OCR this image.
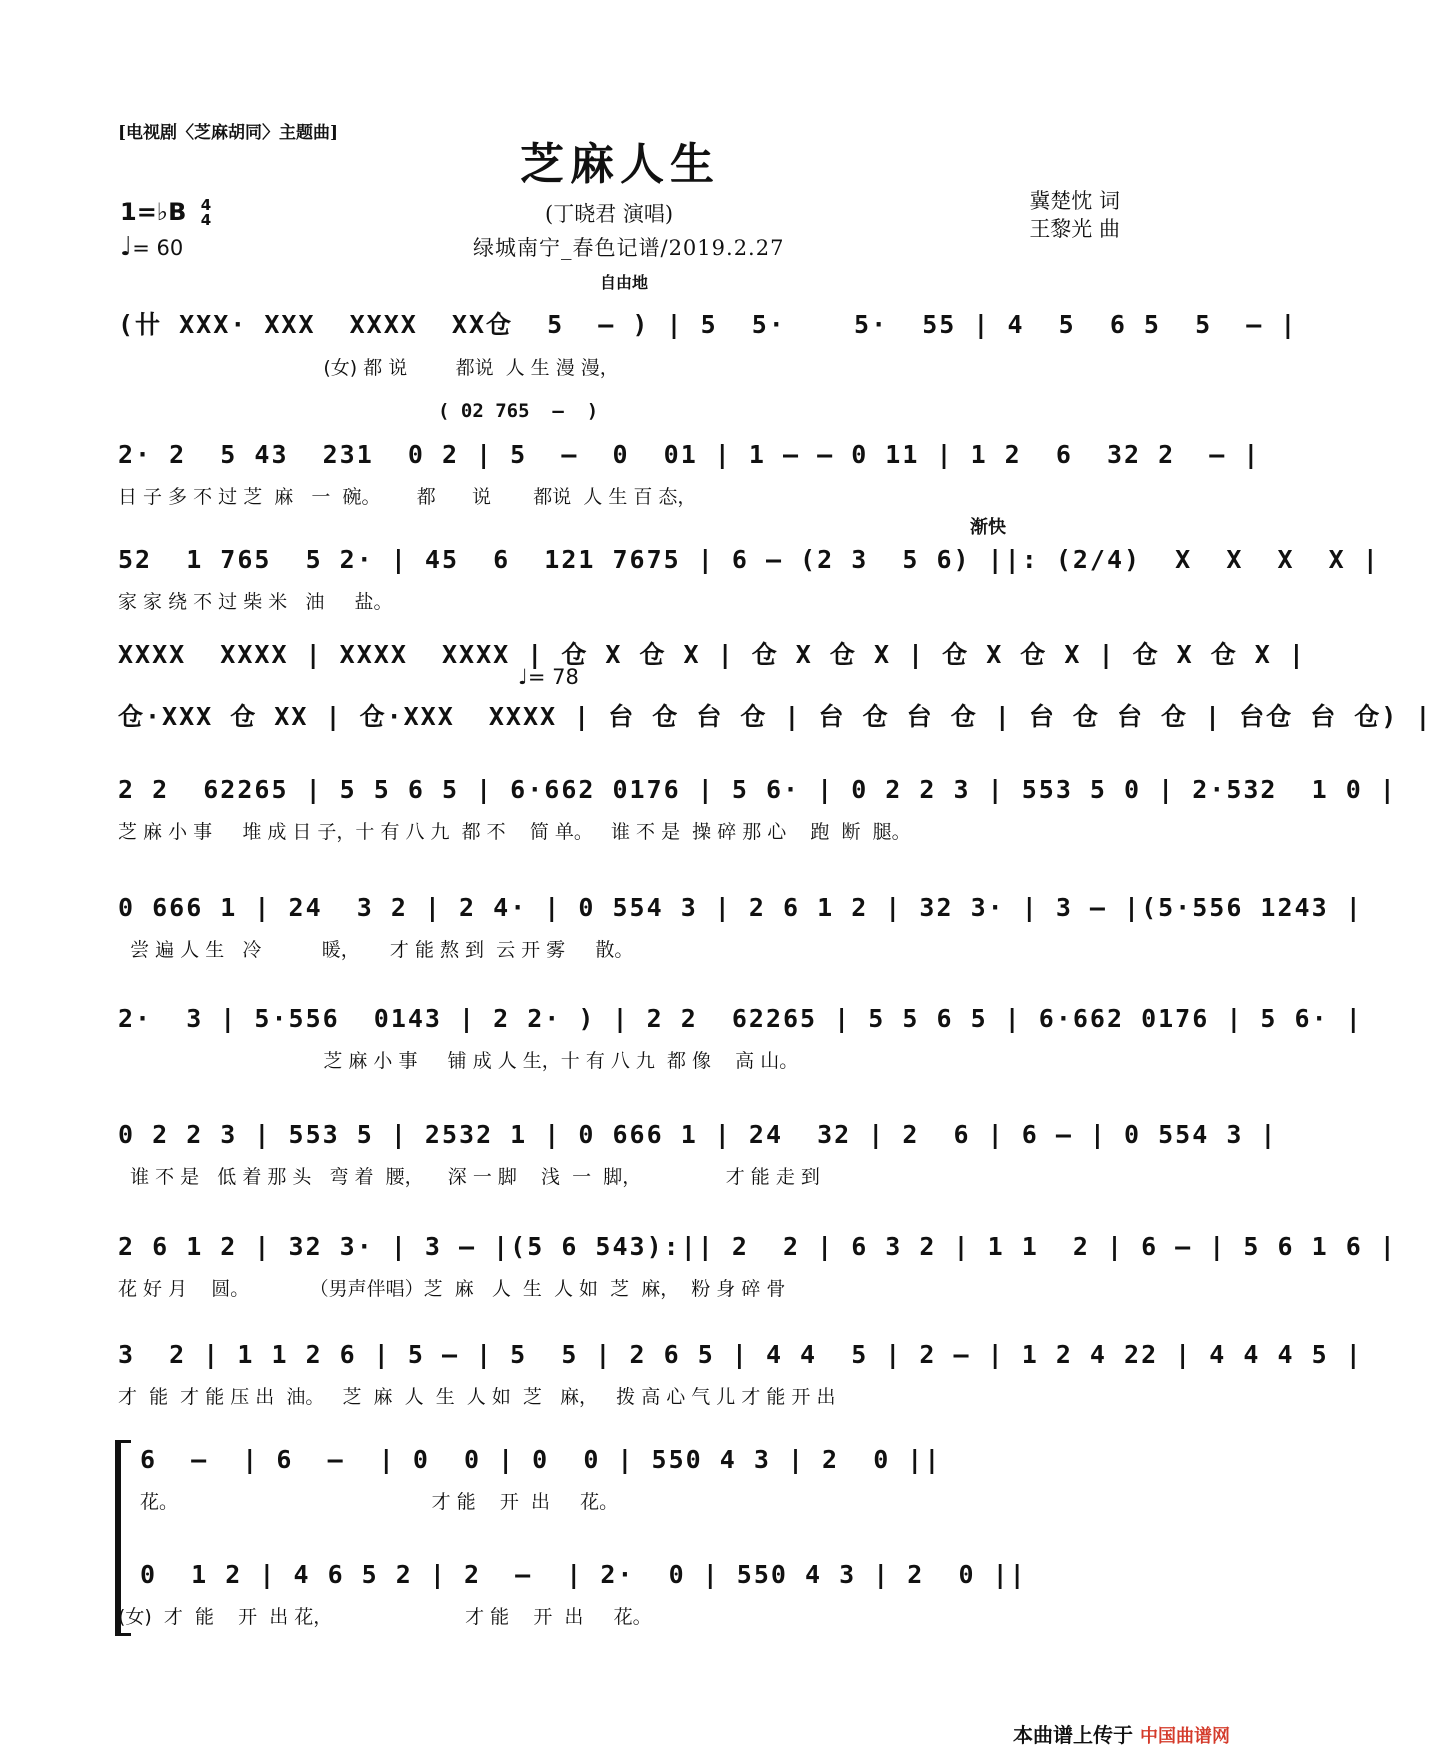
[电视剧〈芝麻胡同〉主题曲]
芝麻人生
1=♭B 4
4
♩= 60
(丁晓君 演唱)
绿城南宁_春色记谱/2019.2.27
冀楚忱 词
王黎光 曲
自由地
渐快
♩= 78
(卄 XXX· XXX  XXXX  XX仓  5  – ) | 5  5·    5·  55 | 4  5  6 5  5  – |
(女) 都 说        都说  人 生 漫 漫，
( 02 765  –  )
2· 2  5 43  231  0 2 | 5  –  0  01 | 1 – – 0 11 | 1 2  6  32 2  – |
日 子 多 不 过 芝  麻   一  碗。      都      说       都说  人 生 百 态，
52  1 765  5 2· | 45  6  121 7675 | 6 – (2 3  5 6) ||: (2/4)  X  X  X  X |
家 家 绕 不 过 柴 米   油     盐。
XXXX  XXXX | XXXX  XXXX | 仓 X 仓 X | 仓 X 仓 X | 仓 X 仓 X | 仓 X 仓 X |
仓·XXX 仓 XX | 仓·XXX  XXXX | 台 仓 台 仓 | 台 仓 台 仓 | 台 仓 台 仓 | 台仓 台 仓) |
2 2  62265 | 5 5 6 5 | 6·662 0176 | 5 6· | 0 2 2 3 | 553 5 0 | 2·532  1 0 |
芝 麻 小 事     堆 成 日 子，十 有 八 九  都 不    简 单。   谁 不 是  操 碎 那 心    跑  断  腿。
0 666 1 | 24  3 2 | 2 4· | 0 554 3 | 2 6 1 2 | 32 3· | 3 – |(5·556 1243 |
尝 遍 人 生   冷          暖，     才 能 熬 到  云 开 雾     散。
2·  3 | 5·556  0143 | 2 2· ) | 2 2  62265 | 5 5 6 5 | 6·662 0176 | 5 6· |
芝 麻 小 事     铺 成 人 生，十 有 八 九  都 像    高 山。
0 2 2 3 | 553 5 | 2532 1 | 0 666 1 | 24  32 | 2  6 | 6 – | 0 554 3 |
谁 不 是   低 着 那 头   弯 着  腰，    深 一 脚    浅  一  脚，              才 能 走 到
2 6 1 2 | 32 3· | 3 – |(5 6 543):|| 2  2 | 6 3 2 | 1 1  2 | 6 – | 5 6 1 6 |
花 好 月    圆。          （男声伴唱）芝  麻   人  生  人 如  芝  麻，  粉 身 碎 骨
3  2 | 1 1 2 6 | 5 – | 5  5 | 2 6 5 | 4 4  5 | 2 – | 1 2 4 22 | 4 4 4 5 |
才  能  才 能 压 出  油。   芝  麻  人  生  人 如  芝   麻，   拨 高 心 气 儿 才 能 开 出
6  –  | 6  –  | 0  0 | 0  0 | 550 4 3 | 2  0 ||
花。                                          才 能    开  出     花。
0  1 2 | 4 6 5 2 | 2  –  | 2·  0 | 550 4 3 | 2  0 ||
(女)  才  能    开  出 花，                      才 能    开  出     花。
本曲谱上传于 中国曲谱网
